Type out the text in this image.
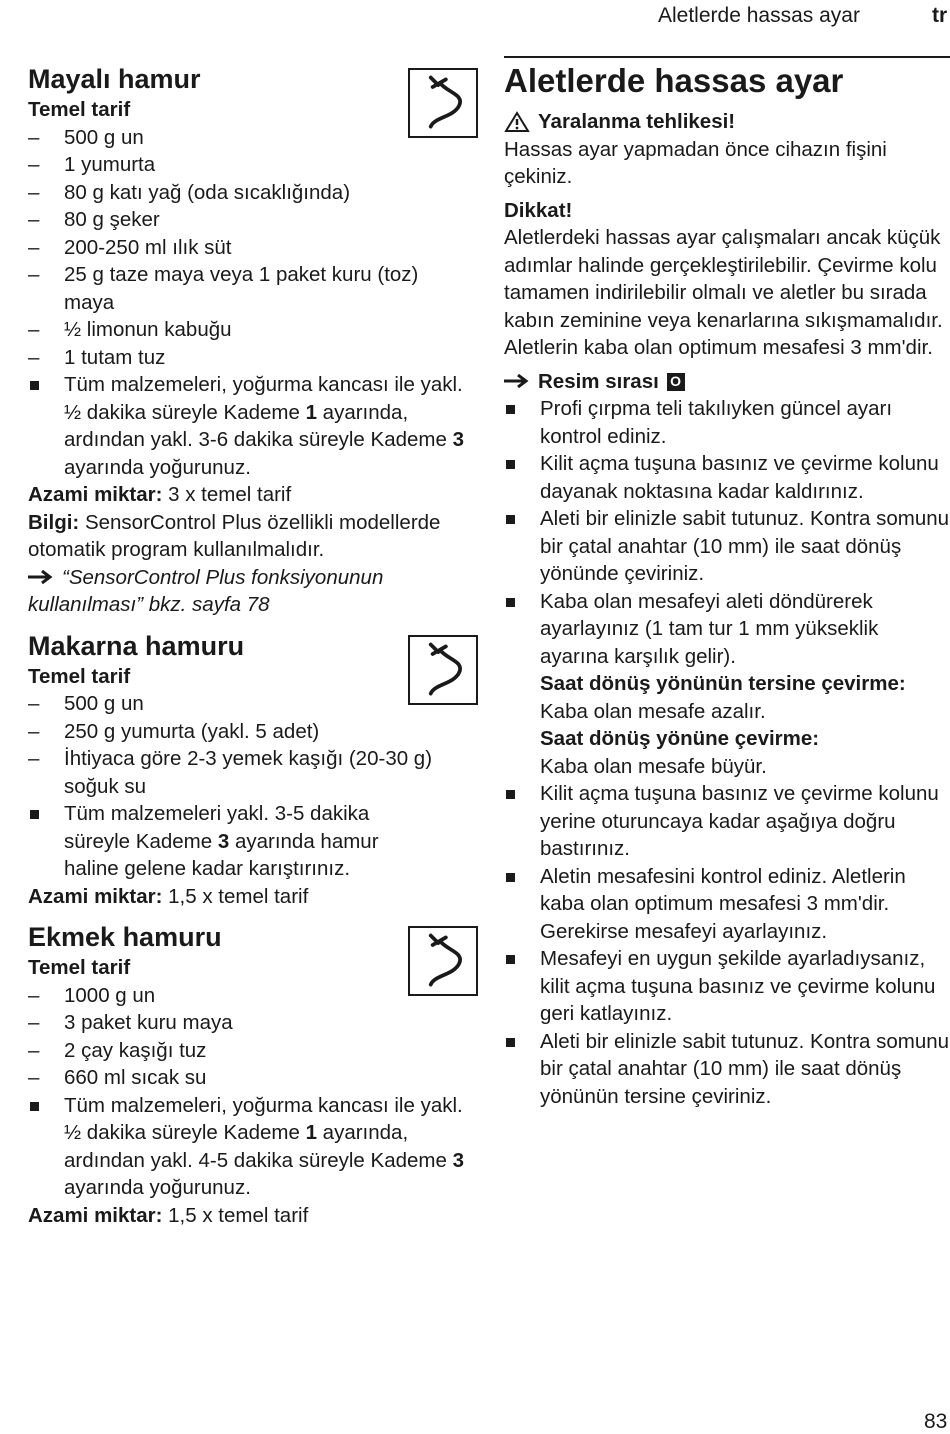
Aletlerde hassas ayar	tr
Mayalı hamur
Temel tarif
–	500 g un
–	1 yumurta
–	80 g katı yağ (oda sıcaklığında)
–	80 g şeker
–	200-250 ml ılık süt
–	25 g taze maya veya 1 paket kuru (toz) maya
–	½ limonun kabuğu
–	1 tutam tuz
Tüm malzemeleri, yoğurma kancası ile yakl. ½ dakika süreyle Kademe 1 ayarında, ardından yakl. 3-6 dakika süreyle Kademe 3 ayarında yoğurunuz.
Azami miktar: 3 x temel tarif
Bilgi: SensorControl Plus özellikli modellerde otomatik program kullanılmalıdır.
“SensorControl Plus fonksiyonunun kullanılması” bkz. sayfa 78
Makarna hamuru
Temel tarif
–	500 g un
–	250 g yumurta (yakl. 5 adet)
–	İhtiyaca göre 2-3 yemek kaşığı (20-30 g) soğuk su
Tüm malzemeleri yakl. 3-5 dakika süreyle Kademe 3 ayarında hamur haline gelene kadar karıştırınız.
Azami miktar: 1,5 x temel tarif
Ekmek hamuru
Temel tarif
–	1000 g un
–	3 paket kuru maya
–	2 çay kaşığı tuz
–	660 ml sıcak su
Tüm malzemeleri, yoğurma kancası ile yakl. ½ dakika süreyle Kademe 1 ayarında, ardından yakl. 4-5 dakika süreyle Kademe 3 ayarında yoğurunuz.
Azami miktar: 1,5 x temel tarif
Aletlerde hassas ayar
Yaralanma tehlikesi!
Hassas ayar yapmadan önce cihazın fişini çekiniz.
Dikkat!
Aletlerdeki hassas ayar çalışmaları ancak küçük adımlar halinde gerçekleştirilebilir. Çevirme kolu tamamen indirilebilir olmalı ve aletler bu sırada kabın zeminine veya kenarlarına sıkışmamalıdır. Aletlerin kaba olan optimum mesafesi 3 mm'dir.
Resim sırası O
Profi çırpma teli takılıyken güncel ayarı kontrol ediniz.
Kilit açma tuşuna basınız ve çevirme kolunu dayanak noktasına kadar kaldırınız.
Aleti bir elinizle sabit tutunuz. Kontra somunu bir çatal anahtar (10 mm) ile saat dönüş yönünde çeviriniz.
Kaba olan mesafeyi aleti döndürerek ayarlayınız (1 tam tur 1 mm yükseklik ayarına karşılık gelir).
Saat dönüş yönünün tersine çevirme:
Kaba olan mesafe azalır.
Saat dönüş yönüne çevirme:
Kaba olan mesafe büyür.
Kilit açma tuşuna basınız ve çevirme kolunu yerine oturuncaya kadar aşağıya doğru bastırınız.
Aletin mesafesini kontrol ediniz. Aletlerin kaba olan optimum mesafesi 3 mm'dir. Gerekirse mesafeyi ayarlayınız.
Mesafeyi en uygun şekilde ayarladıysanız, kilit açma tuşuna basınız ve çevirme kolunu geri katlayınız.
Aleti bir elinizle sabit tutunuz. Kontra somunu bir çatal anahtar (10 mm) ile saat dönüş yönünün tersine çeviriniz.
83
